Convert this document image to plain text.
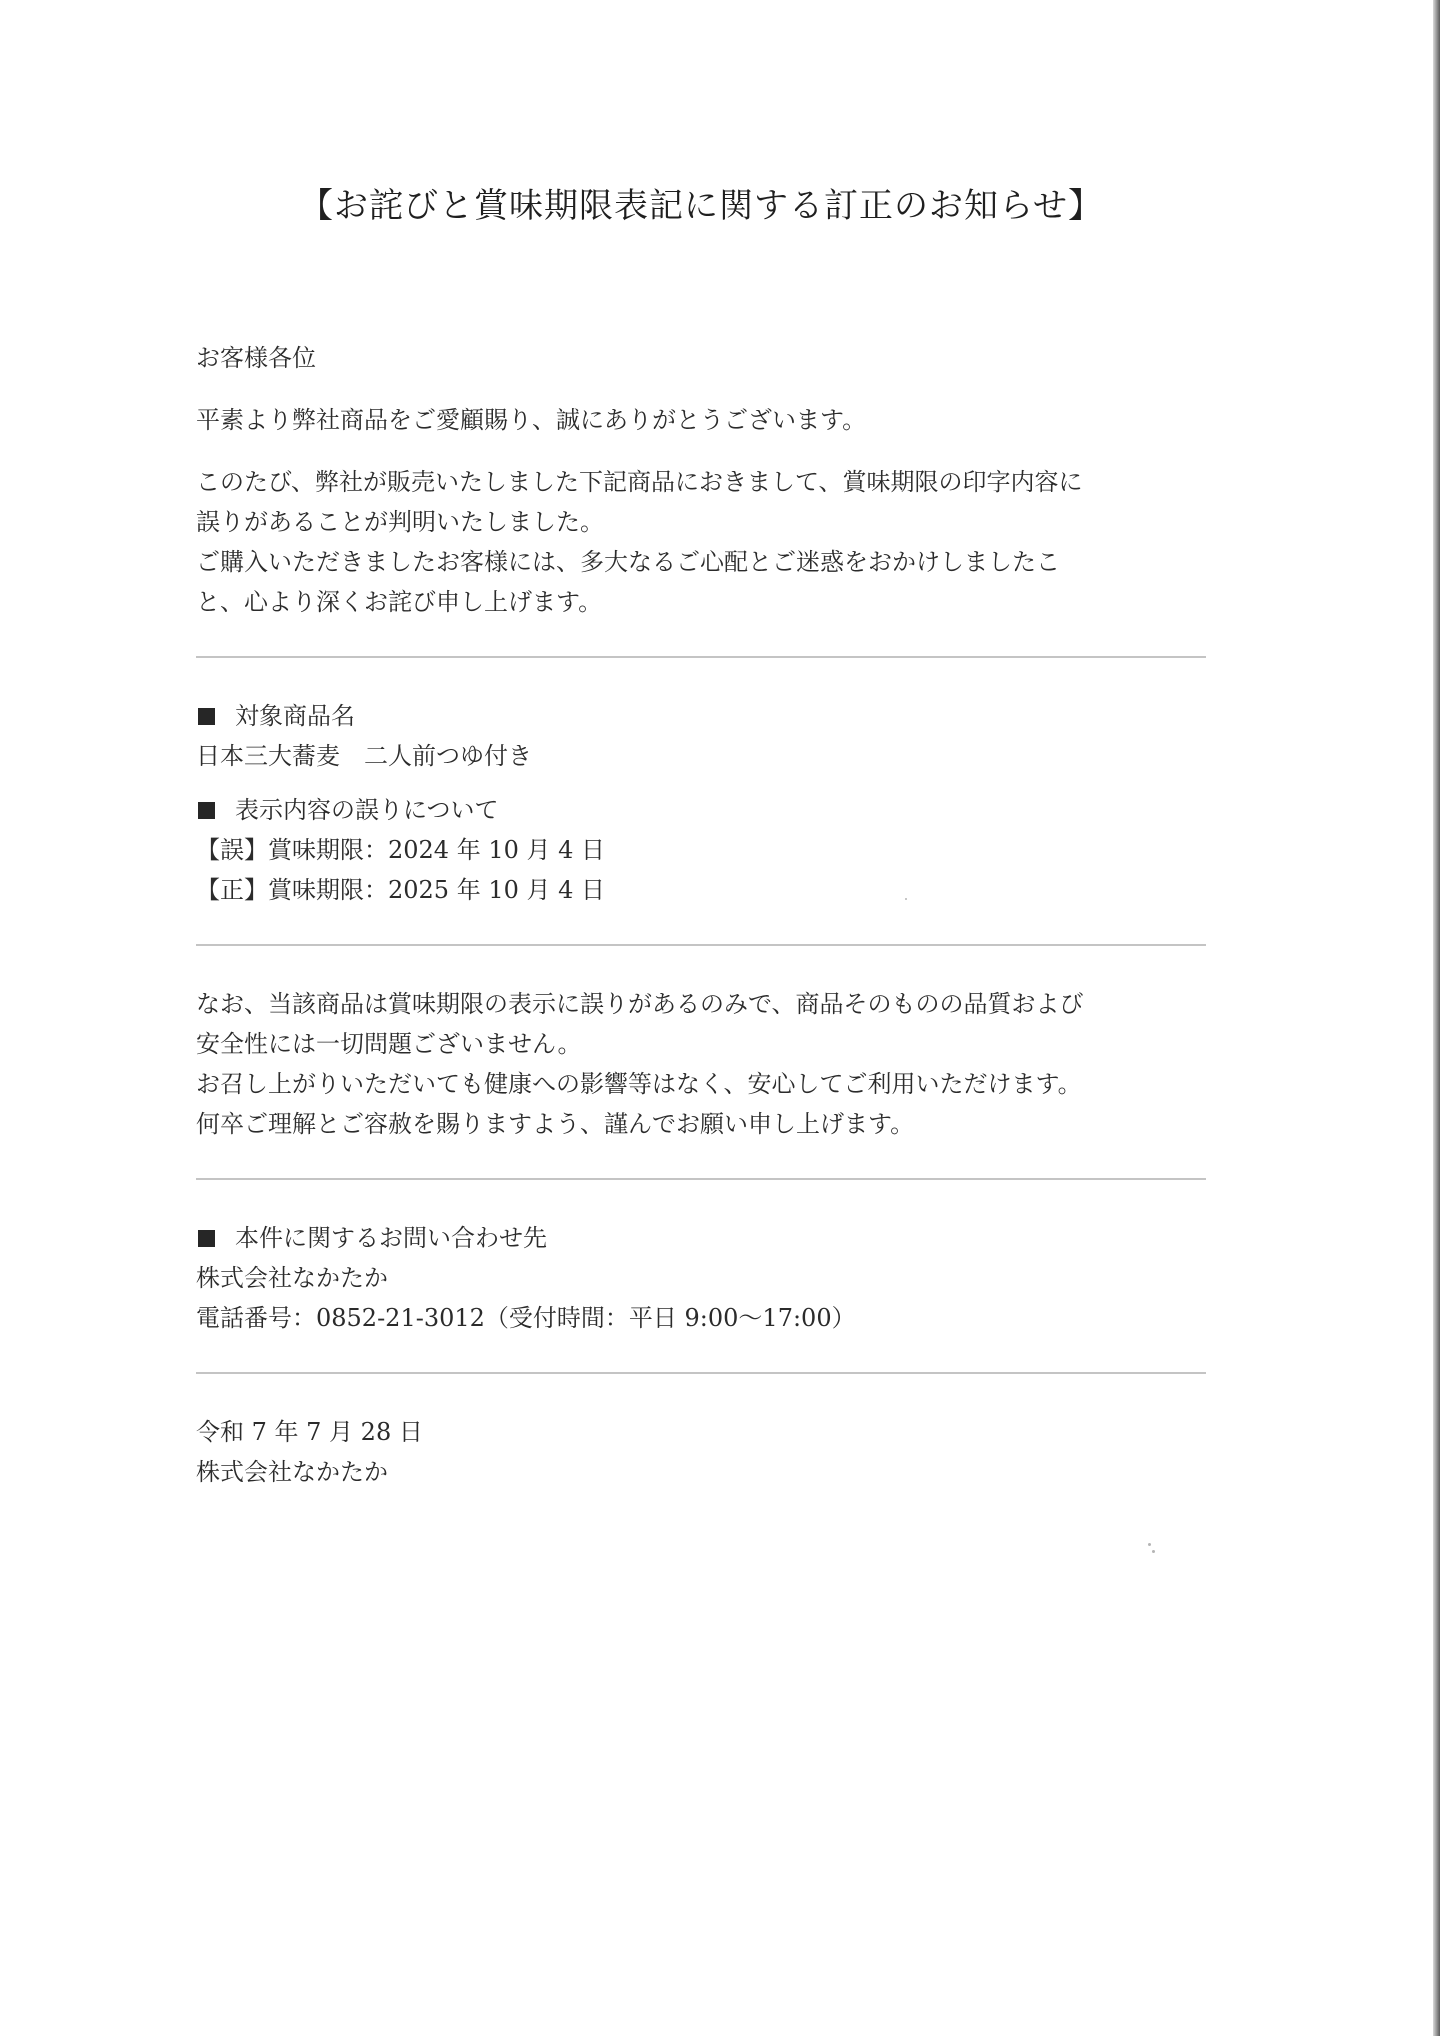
【お詫びと賞味期限表記に関する訂正のお知らせ】

お客様各位

平素より弊社商品をご愛顧賜り、誠にありがとうございます。

このたび、弊社が販売いたしました下記商品におきまして、賞味期限の印字内容に
誤りがあることが判明いたしました。
ご購入いただきましたお客様には、多大なるご心配とご迷惑をおかけしましたこ
と、心より深くお詫び申し上げます。
対象商品名
日本三大蕎麦　二人前つゆ付き
表示内容の誤りについて
【誤】賞味期限：2024 年 10 月 4 日
【正】賞味期限：2025 年 10 月 4 日
なお、当該商品は賞味期限の表示に誤りがあるのみで、商品そのものの品質および
安全性には一切問題ございません。
お召し上がりいただいても健康への影響等はなく、安心してご利用いただけます。
何卒ご理解とご容赦を賜りますよう、謹んでお願い申し上げます。
本件に関するお問い合わせ先
株式会社なかたか
電話番号：0852-21-3012（受付時間：平日 9:00〜17:00）
令和 7 年 7 月 28 日
株式会社なかたか
